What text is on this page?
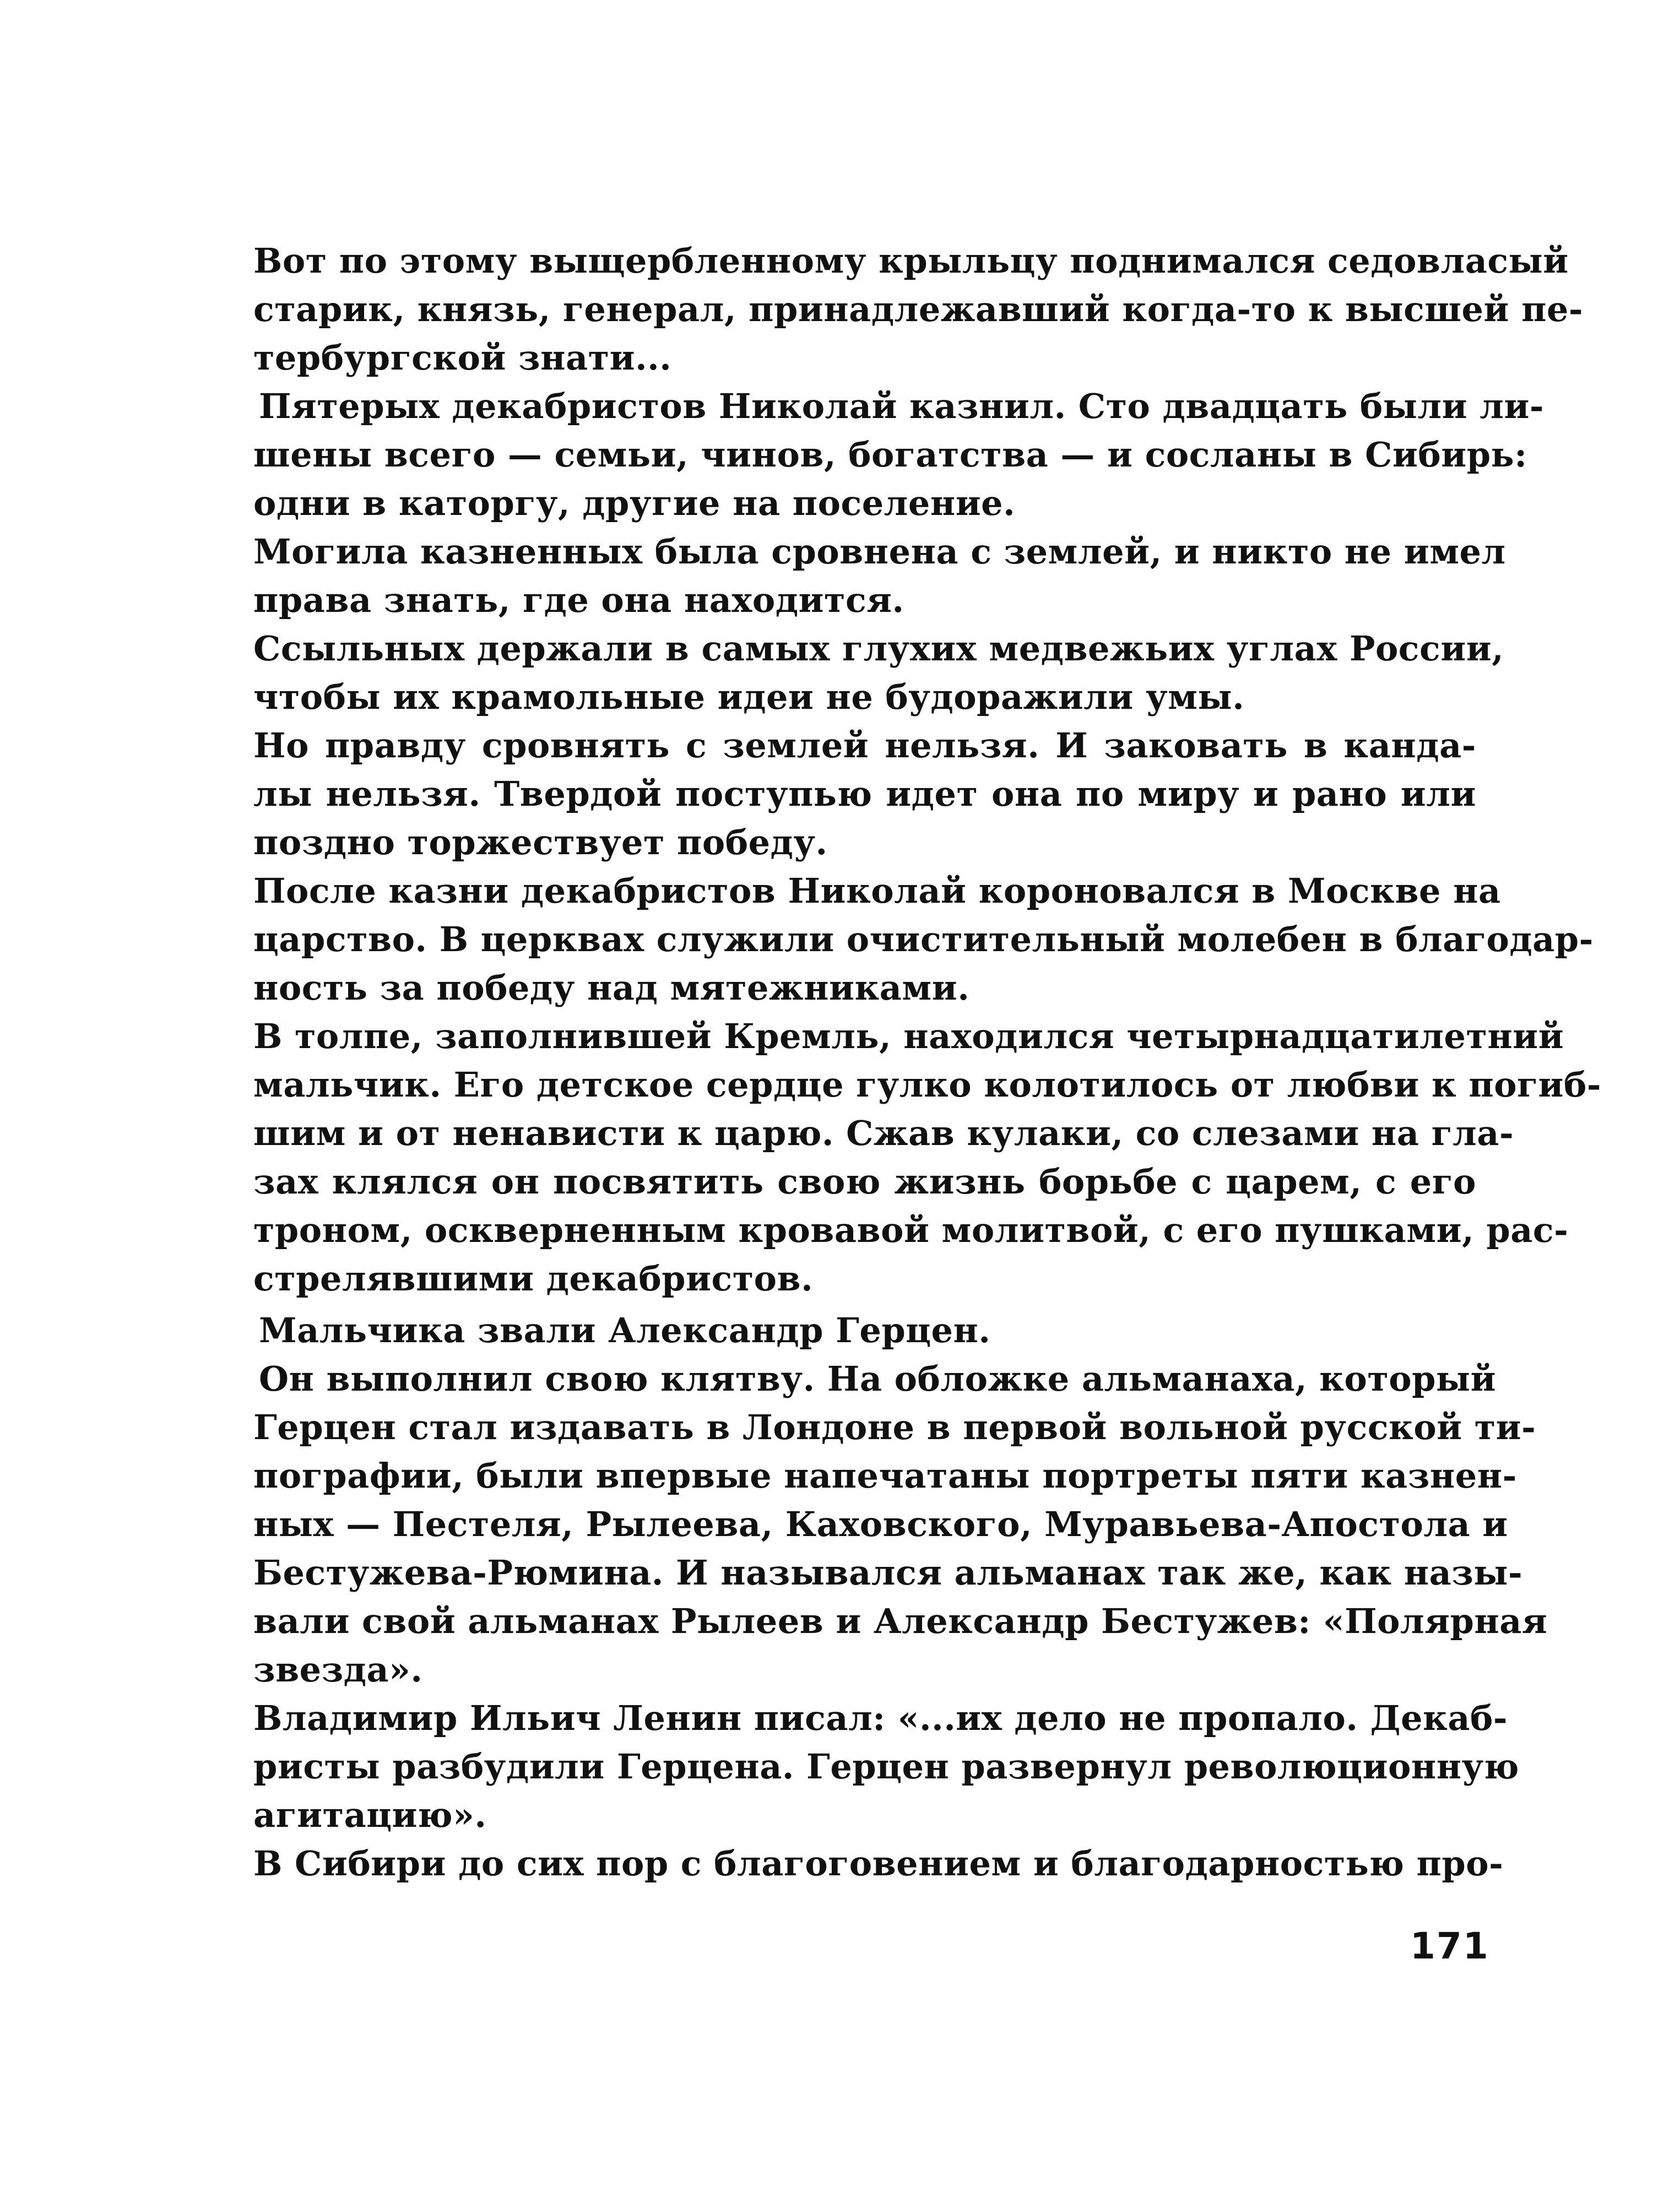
Вот по этому выщербленному крыльцу поднимался седовласый
старик, князь, генерал, принадлежавший когда-то к высшей пе-
тербургской знати...
Пятерых декабристов Николай казнил. Сто двадцать были ли-
шены всего — семьи, чинов, богатства — и сосланы в Сибирь:
одни в каторгу, другие на поселение.
Могила казненных была сровнена с землей, и никто не имел
права знать, где она находится.
Ссыльных держали в самых глухих медвежьих углах России,
чтобы их крамольные идеи не будоражили умы.
Но правду сровнять с землей нельзя. И заковать в канда-
лы нельзя. Твердой поступью идет она по миру и рано или
поздно торжествует победу.
После казни декабристов Николай короновался в Москве на
царство. В церквах служили очистительный молебен в благодар-
ность за победу над мятежниками.
В толпе, заполнившей Кремль, находился четырнадцатилетний
мальчик. Его детское сердце гулко колотилось от любви к погиб-
шим и от ненависти к царю. Сжав кулаки, со слезами на гла-
зах клялся он посвятить свою жизнь борьбе с царем, с его
троном, оскверненным кровавой молитвой, с его пушками, рас-
стрелявшими декабристов.
Мальчика звали Александр Герцен.
Он выполнил свою клятву. На обложке альманаха, который
Герцен стал издавать в Лондоне в первой вольной русской ти-
пографии, были впервые напечатаны портреты пяти казнен-
ных — Пестеля, Рылеева, Каховского, Муравьева-Апостола и
Бестужева-Рюмина. И назывался альманах так же, как назы-
вали свой альманах Рылеев и Александр Бестужев: «Полярная
звезда».
Владимир Ильич Ленин писал: «...их дело не пропало. Декаб-
ристы разбудили Герцена. Герцен развернул революционную
агитацию».
В Сибири до сих пор с благоговением и благодарностью про-
171
